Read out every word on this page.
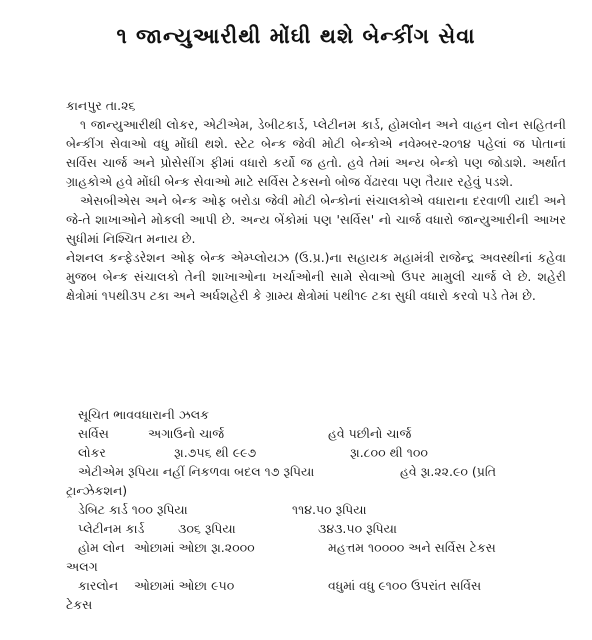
૧ જાન્યુઆરીથી મોંઘી થશે બેન્કીંગ સેવા

કાનપુર તા.૨૬

૧ જાન્યુઆરીથી લોકર, એટીએમ, ડેબીટકાર્ડ, પ્લેટીનમ કાર્ડ, હોમલોન અને વાહન લોન સહિતની બેન્કીંગ સેવાઓ વધુ મોંઘી થશે. સ્ટેટ બેન્ક જેવી મોટી બેન્કોએ નવેમ્બર-૨૦૧૪ પહેલાં જ પોતાનાં સર્વિસ ચાર્જ અને પ્રોસેસીંગ ફીમાં વધારો કર્યો જ હતો. હવે તેમાં અન્ય બેન્કો પણ જોડાશે. અર્થાત ગ્રાહકોએ હવે મોંઘી બેન્ક સેવાઓ માટે સર્વિસ ટેકસનો બોજ વેંઢારવા પણ તૈયાર રહેવું પડશે.

એસબીએસ અને બેન્ક ઓફ બરોડા જેવી મોટી બેન્કોનાં સંચાલકોએ વધારાના દરવાળી યાદી અને જે-તે શાખાઓને મોકલી આપી છે. અન્ય બેંકોમાં પણ 'સર્વિસ' નો ચાર્જ વધારો જાન્યુઆરીની આખર સુધીમાં નિશ્ચિત મનાય છે.

નેશનલ કન્ફેડરેશન ઓફ બેન્ક એમ્પ્લોયઝ (ઉ.પ્ર.)ના સહાયક મહામંત્રી રાજેન્દ્ર અવસ્થીનાં કહેવા મુજબ બેન્ક સંચાલકો તેની શાખાઓના ખર્ચાઓની સામે સેવાઓ ઉપર મામુલી ચાર્જ લે છે. શહેરી ક્ષેત્રોમાં ૧૫થી૩૫ ટકા અને અર્ધશહેરી કે ગ્રામ્ય ક્ષેત્રોમાં ૫થી૧૯ ટકા સુધી વધારો કરવો પડે તેમ છે.

સૂચિત ભાવવધારાની ઝલક
સર્વિસ	અગાઉનો ચાર્જ	હવે પછીનો ચાર્જ
લોકર	રૂા.૭૫૬ થી ૯૯૭	રૂા.૮૦૦ થી ૧૦૦
એટીએમ રૂપિયા નહીં નિકળવા બદલ ૧૭ રૂપિયા	હવે રૂા.૨૨.૯૦ (પ્રતિ
ટ્રાન્ઝેકશન)
ડેબિટ કાર્ડ ૧૦૦ રૂપિયા	૧૧૪.૫૦ રૂપિયા
પ્લેટીનમ કાર્ડ	૩૦૬ રૂપિયા	૩૪૩.૫૦ રૂપિયા
હોમ લોન ઓછામાં ઓછા રૂા.૨૦૦૦	મહત્તમ ૧૦૦૦૦ અને સર્વિસ ટેકસ
અલગ
કારલોન ઓછામાં ઓછા ૯૫૦	વધુમાં વધુ ૯૧૦૦ ઉપરાંત સર્વિસ
ટેકસ
